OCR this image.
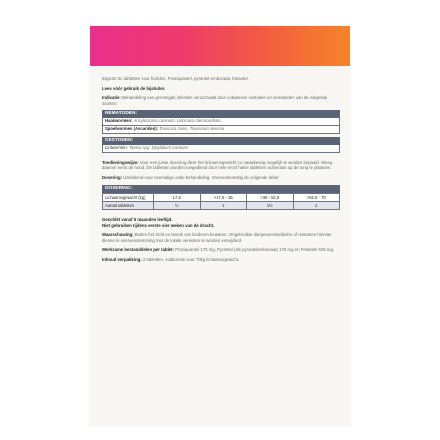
Zipyran XL tabletten voor honden, Praziquantel, pyrantel-embonaat, febantel.

Lees vóór gebruik de bijsluiter.

Indicatie: Behandeling van gemengde infecties veroorzaakt door volwassen cestoden en nematoden van de volgende soorten:

NEMATODEN:
Haakwormen: Ancylostoma caninum, Uncinaria stenocephala
Spoelwormen (Ascariden): Toxocara canis, Toxascaris leonina
CESTODEN:
Lintwormen: Taenia spp, Dipylidium caninum

Toedieningswijze: Voor een juiste dosering dient het lichaamsgewicht zo nauwkeurig mogelijk te worden bepaald. Weeg daarom eerst de hond. De tabletten worden toegediend door hele en/of halve tabletten achteraan op de tong te plaatsen.

Dosering: Uitsluitend voor eenmalige orale behandeling. Overeenkomstig de volgende tabel:

DOSERING:
Lichaamsgewicht (kg)	17,5	>17,5 - 35	>35 - 52,5	>52,5 - 70
Aantal tabletten	½	1	1½	2

Geschikt vanaf 5 maanden leeftijd.

Niet gebruiken tijdens eerste vier weken van de dracht.

Waarschuwing: Buiten het zicht en bereik van kinderen bewaren. Ongebruikte diergeneesmiddelen of restanten hiervan dienen in overeenstemming met de lokale vereisten te worden verwijderd.

Werkzame bestanddelen per tablet: Praziquantel 175 mg, Pyrantel (als pyrantelembonaat) 175 mg en Febantel 525 mg.

Inhoud verpakking: 2 tabletten, voldoende voor 70kg lichaamsgewicht.
